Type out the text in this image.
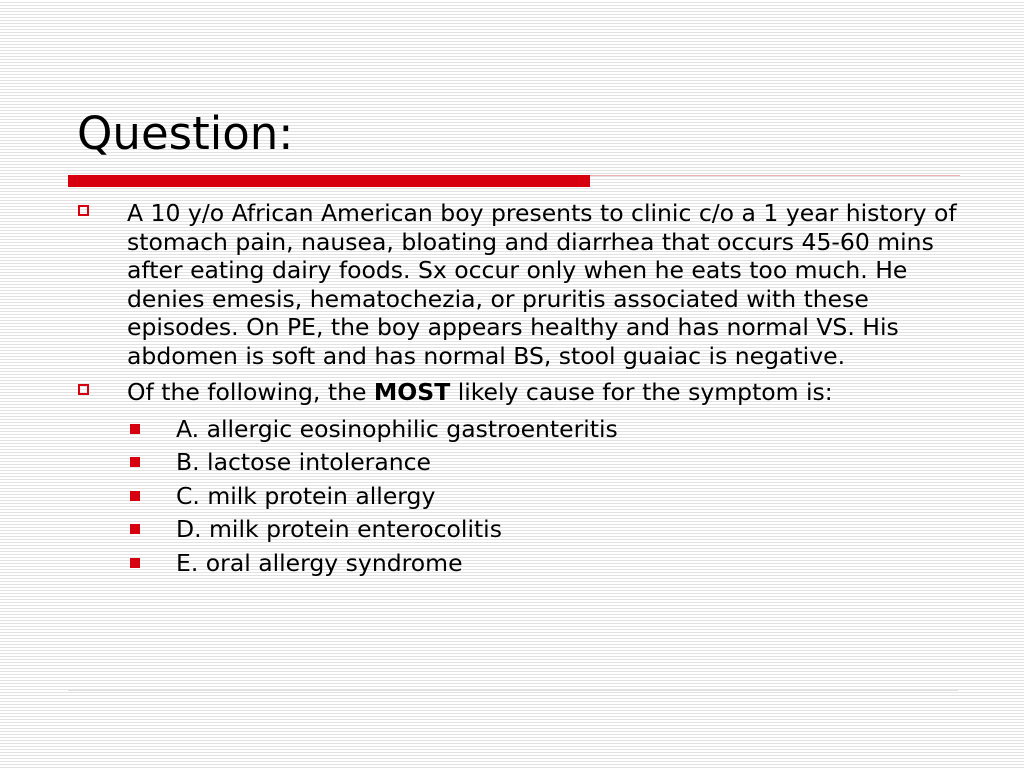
Question:
A 10 y/o African American boy presents to clinic c/o a 1 year history of stomach pain, nausea, bloating and diarrhea that occurs 45-60 mins after eating dairy foods. Sx occur only when he eats too much. He denies emesis, hematochezia, or pruritis associated with these episodes. On PE, the boy appears healthy and has normal VS. His abdomen is soft and has normal BS, stool guaiac is negative.
Of the following, the MOST likely cause for the symptom is:
A. allergic eosinophilic gastroenteritis
B. lactose intolerance
C. milk protein allergy
D. milk protein enterocolitis
E. oral allergy syndrome
